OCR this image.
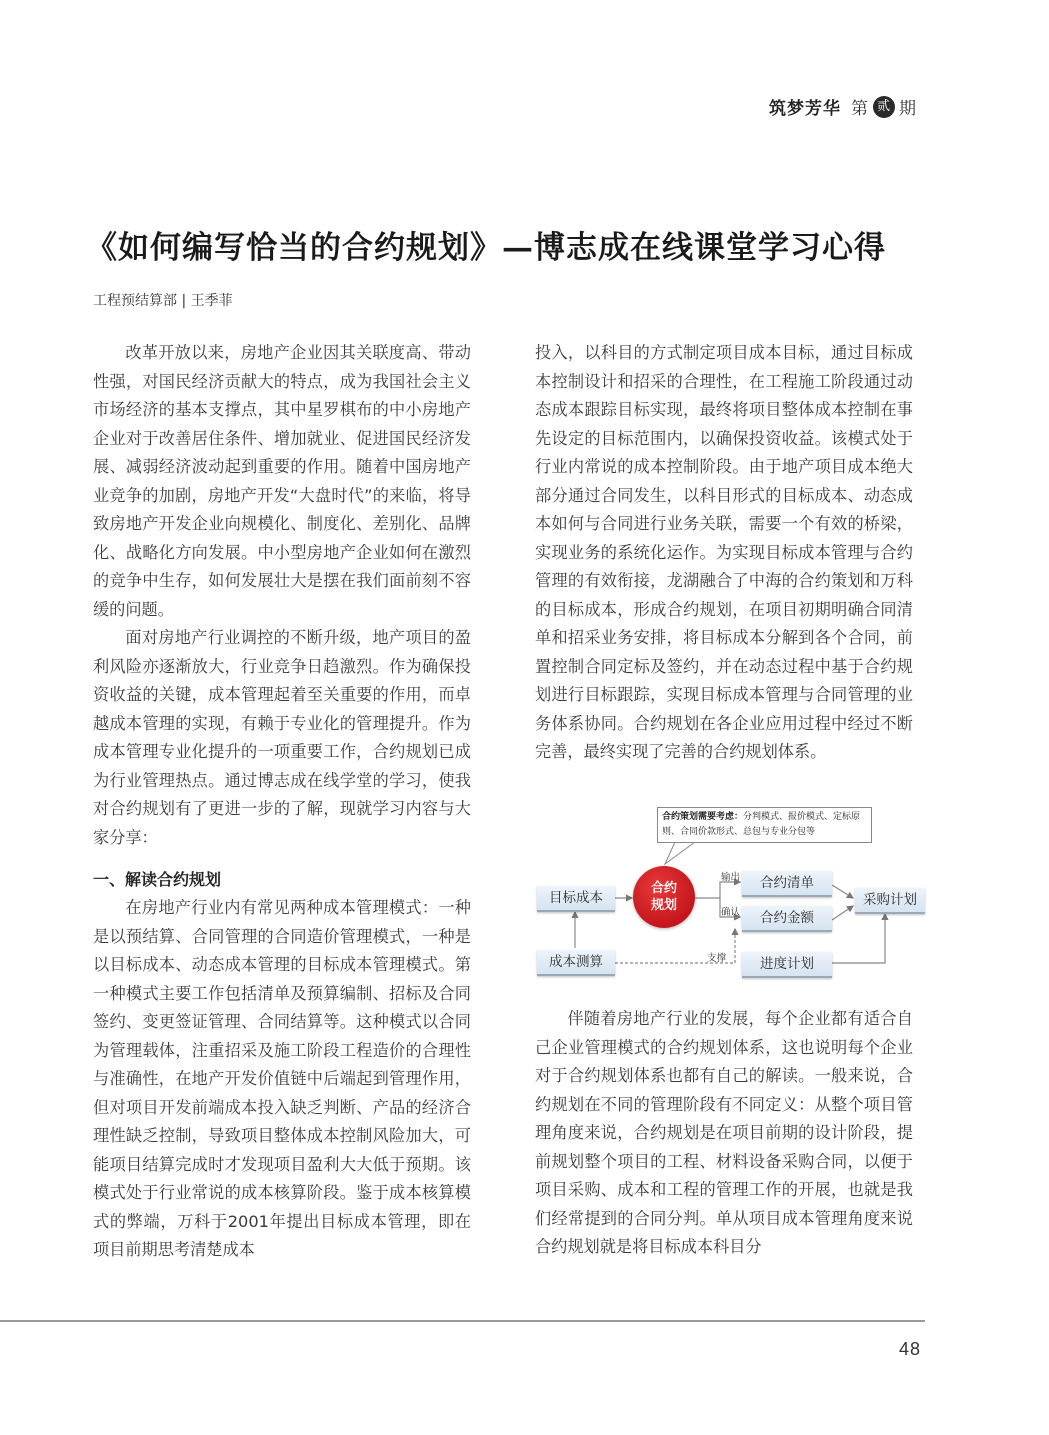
筑梦芳华 第 贰 期
《如何编写恰当的合约规划》—博志成在线课堂学习心得
工程预结算部 | 王季菲

改革开放以来，房地产企业因其关联度高、带动性强，对国民经济贡献大的特点，成为我国社会主义市场经济的基本支撑点，其中星罗棋布的中小房地产企业对于改善居住条件、增加就业、促进国民经济发展、减弱经济波动起到重要的作用。随着中国房地产业竞争的加剧，房地产开发“大盘时代”的来临，将导致房地产开发企业向规模化、制度化、差别化、品牌化、战略化方向发展。中小型房地产企业如何在激烈的竞争中生存，如何发展壮大是摆在我们面前刻不容缓的问题。

面对房地产行业调控的不断升级，地产项目的盈利风险亦逐渐放大，行业竞争日趋激烈。作为确保投资收益的关键，成本管理起着至关重要的作用，而卓越成本管理的实现，有赖于专业化的管理提升。作为成本管理专业化提升的一项重要工作，合约规划已成为行业管理热点。通过博志成在线学堂的学习，使我对合约规划有了更进一步的了解，现就学习内容与大家分享：

一、解读合约规划

在房地产行业内有常见两种成本管理模式：一种是以预结算、合同管理的合同造价管理模式，一种是以目标成本、动态成本管理的目标成本管理模式。第一种模式主要工作包括清单及预算编制、招标及合同签约、变更签证管理、合同结算等。这种模式以合同为管理载体，注重招采及施工阶段工程造价的合理性与准确性，在地产开发价值链中后端起到管理作用，但对项目开发前端成本投入缺乏判断、产品的经济合理性缺乏控制，导致项目整体成本控制风险加大，可能项目结算完成时才发现项目盈利大大低于预期。该模式处于行业常说的成本核算阶段。鉴于成本核算模式的弊端，万科于2001年提出目标成本管理，即在项目前期思考清楚成本

投入，以科目的方式制定项目成本目标，通过目标成本控制设计和招采的合理性，在工程施工阶段通过动态成本跟踪目标实现，最终将项目整体成本控制在事先设定的目标范围内，以确保投资收益。该模式处于行业内常说的成本控制阶段。由于地产项目成本绝大部分通过合同发生，以科目形式的目标成本、动态成本如何与合同进行业务关联，需要一个有效的桥梁，实现业务的系统化运作。为实现目标成本管理与合约管理的有效衔接，龙湖融合了中海的合约策划和万科的目标成本，形成合约规划，在项目初期明确合同清单和招采业务安排，将目标成本分解到各个合同，前置控制合同定标及签约，并在动态过程中基于合约规划进行目标跟踪，实现目标成本管理与合同管理的业务体系协同。合约规划在各企业应用过程中经过不断完善，最终实现了完善的合约规划体系。

合约策划需要考虑：分判模式、报价模式、定标原则、合同价款形式、总包与专业分包等
合约规划
目标成本
成本测算
合约清单
合约金额
进度计划
采购计划
输出
确认
支撑

伴随着房地产行业的发展，每个企业都有适合自己企业管理模式的合约规划体系，这也说明每个企业对于合约规划体系也都有自己的解读。一般来说，合约规划在不同的管理阶段有不同定义：从整个项目管理角度来说，合约规划是在项目前期的设计阶段，提前规划整个项目的工程、材料设备采购合同，以便于项目采购、成本和工程的管理工作的开展，也就是我们经常提到的合同分判。单从项目成本管理角度来说合约规划就是将目标成本科目分

48
